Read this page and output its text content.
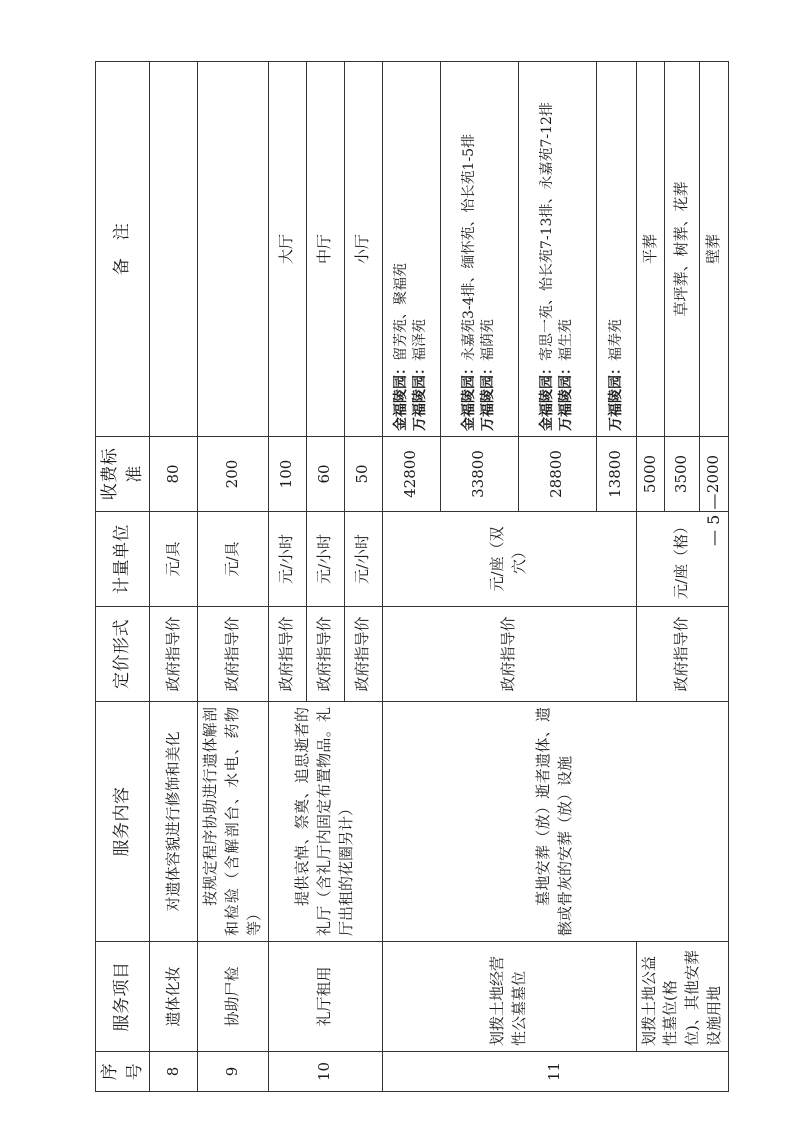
序号	服务项目	服务内容	定价形式	计量单位	收费标准	备　注
8	遗体化妆	对遗体容貌进行修饰和美化	政府指导价	元/具	80	
9	协助尸检	按规定程序协助进行遗体解剖和检验（含解剖台、水电、药物等）	政府指导价	元/具	200	
10	礼厅租用	提供哀悼、祭奠、追思逝者的礼厅（含礼厅内固定布置物品。礼厅出租的花圈另计）	政府指导价	元/小时	100	大厅
			政府指导价	元/小时	60	中厅
			政府指导价	元/小时	50	小厅
11	划拨土地经营性公墓墓位	墓地安葬（放）逝者遗体、遗骸或骨灰的安葬（放）设施	政府指导价	元/座（双穴）	42800	金福陵园：留芳苑、聚福苑
万福陵园：福泽苑

					33800	金福陵园：永嘉苑3-4排、缅怀苑、怡长苑1-5排
万福陵园：福荫苑

					28800	金福陵园：寄思一苑、怡长苑7-13排、永嘉苑7-12排
万福陵园：福生苑

					13800	万福陵园：福寿苑

	划拨土地公益性墓位(格位)、其他安葬设施用地		政府指导价	元/座（格）	5000	平葬
					3500	草坪葬、树葬、花葬
					2000	壁葬
— 5 —
